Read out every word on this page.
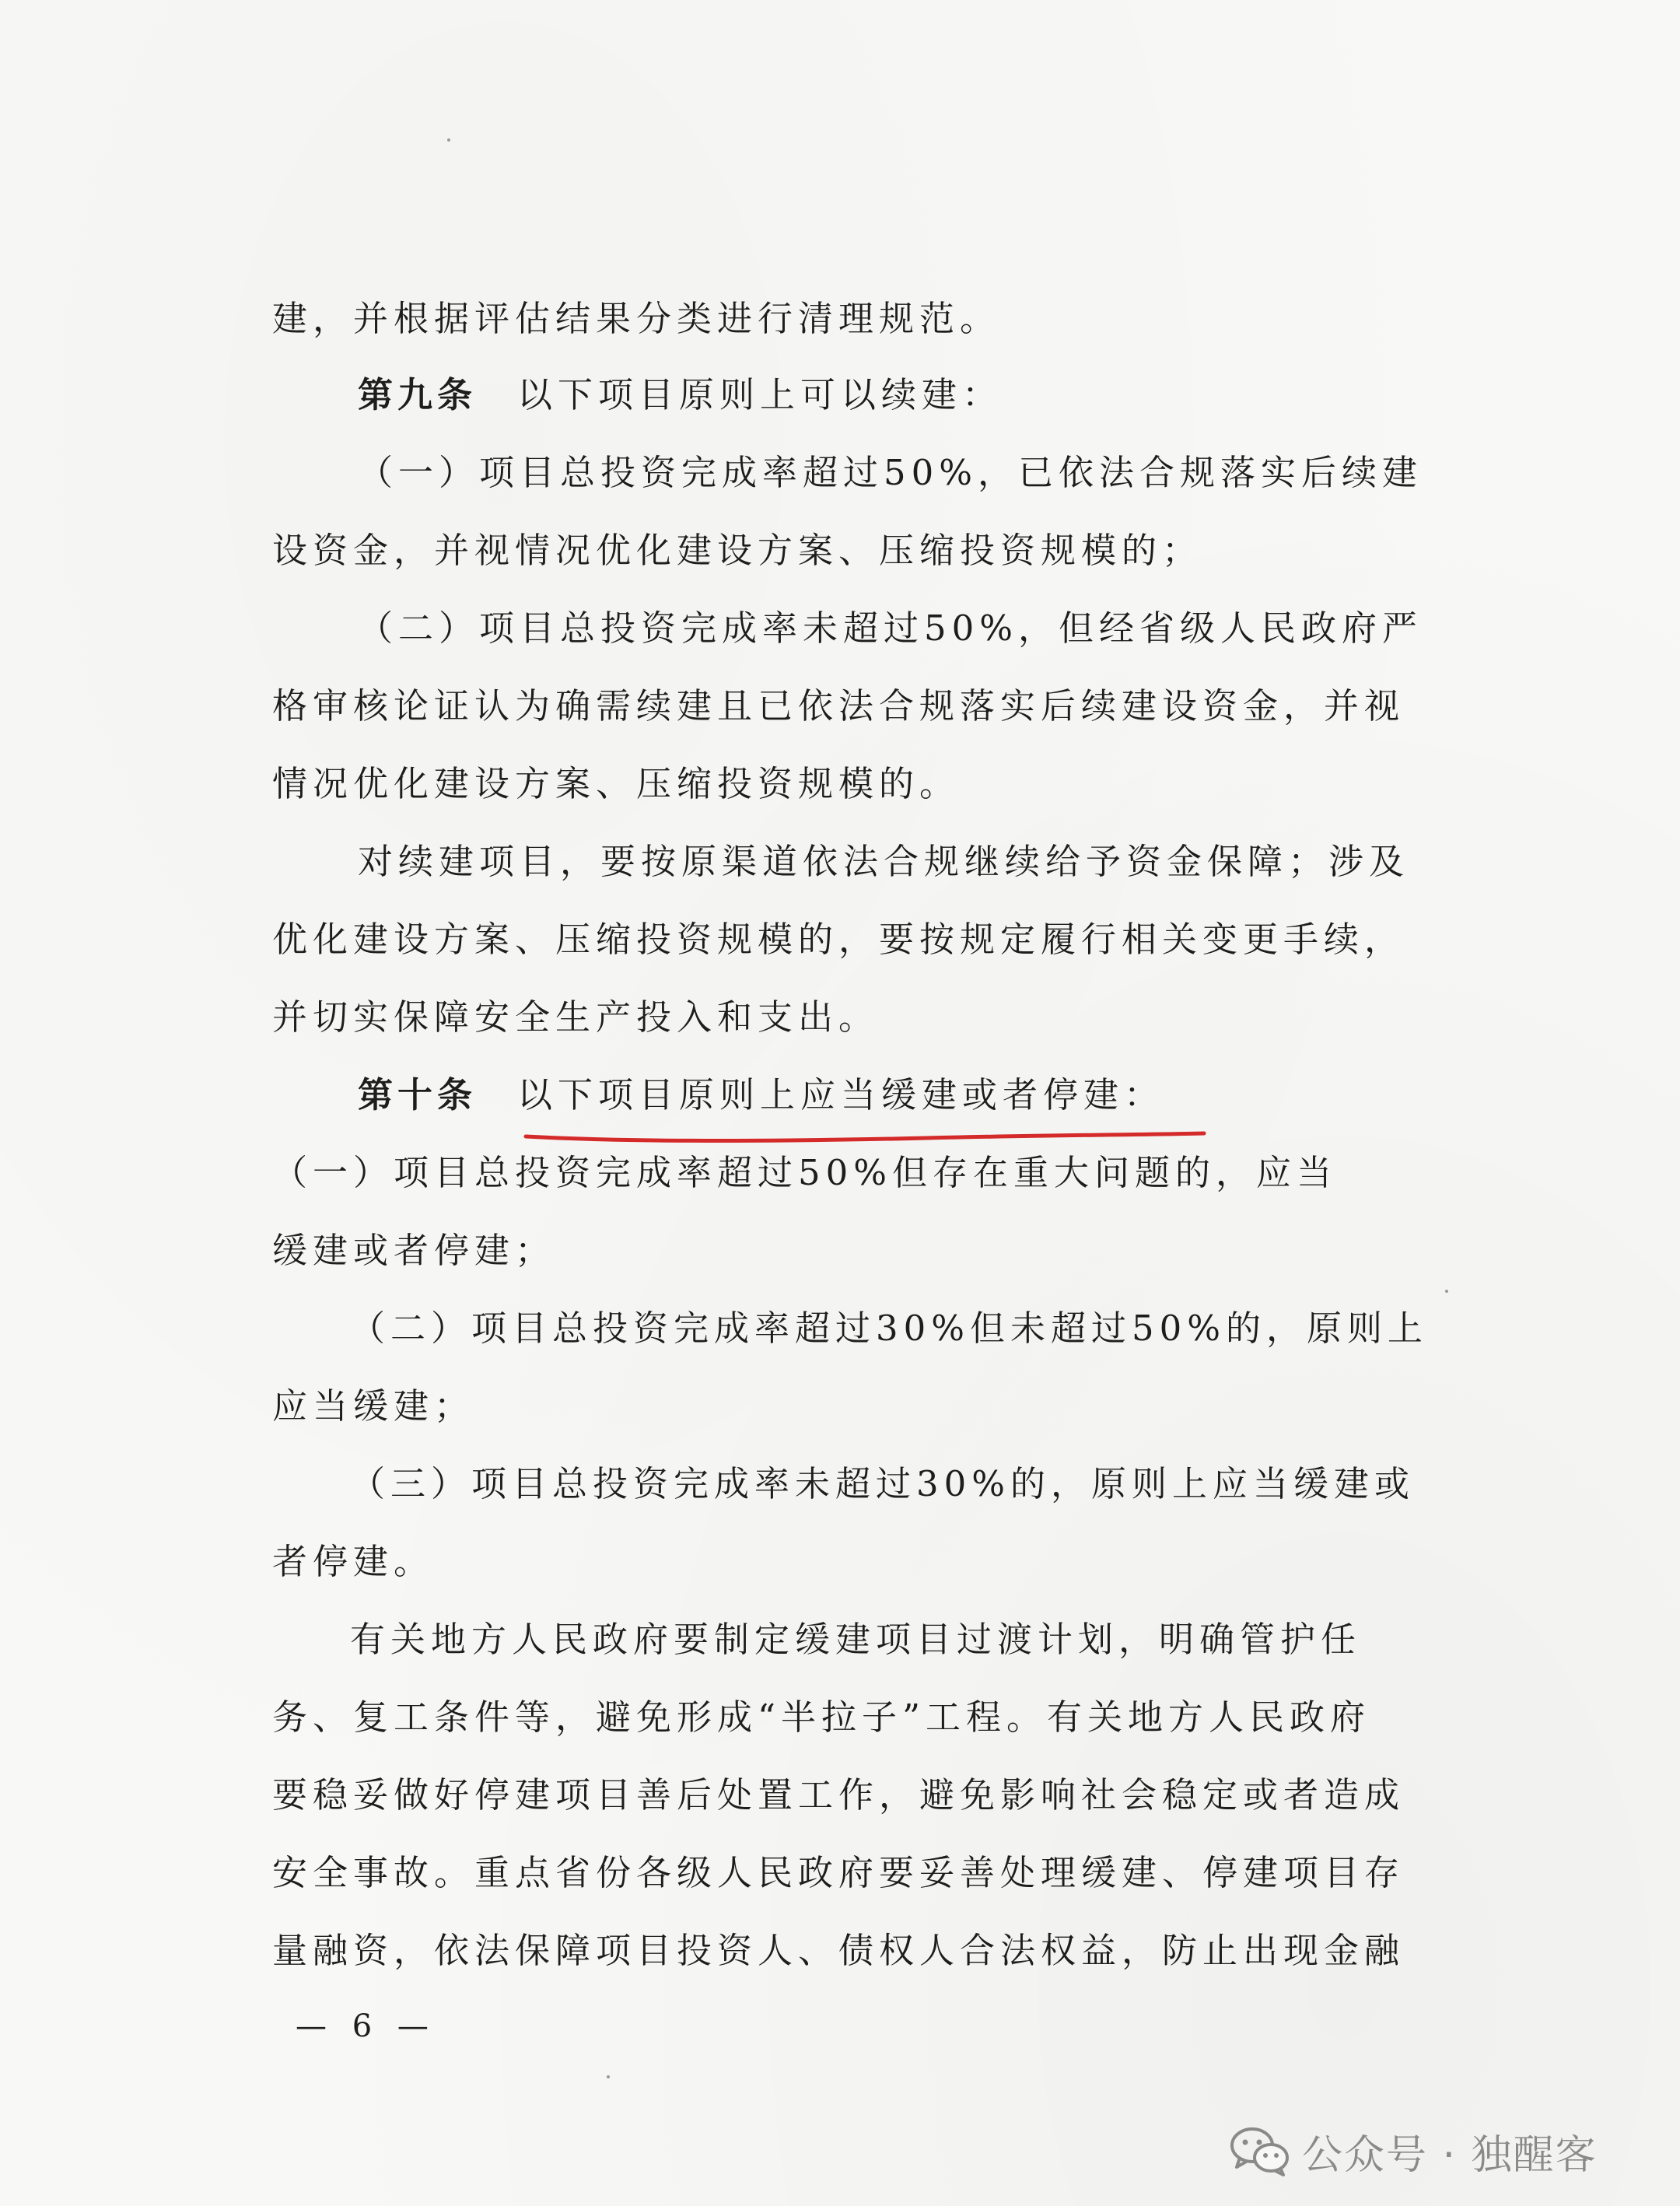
建，并根据评估结果分类进行清理规范。
第九条 以下项目原则上可以续建：
（一）项目总投资完成率超过50%，已依法合规落实后续建
设资金，并视情况优化建设方案、压缩投资规模的；
（二）项目总投资完成率未超过50%，但经省级人民政府严
格审核论证认为确需续建且已依法合规落实后续建设资金，并视
情况优化建设方案、压缩投资规模的。
对续建项目，要按原渠道依法合规继续给予资金保障；涉及
优化建设方案、压缩投资规模的，要按规定履行相关变更手续，
并切实保障安全生产投入和支出。
第十条 以下项目原则上应当缓建或者停建：
（一）项目总投资完成率超过50%但存在重大问题的，应当
缓建或者停建；
（二）项目总投资完成率超过30%但未超过50%的，原则上
应当缓建；
（三）项目总投资完成率未超过30%的，原则上应当缓建或
者停建。
有关地方人民政府要制定缓建项目过渡计划，明确管护任
务、复工条件等，避免形成“半拉子”工程。有关地方人民政府
要稳妥做好停建项目善后处置工作，避免影响社会稳定或者造成
安全事故。重点省份各级人民政府要妥善处理缓建、停建项目存
量融资，依法保障项目投资人、债权人合法权益，防止出现金融
— 6 —
公众号 · 独醒客
